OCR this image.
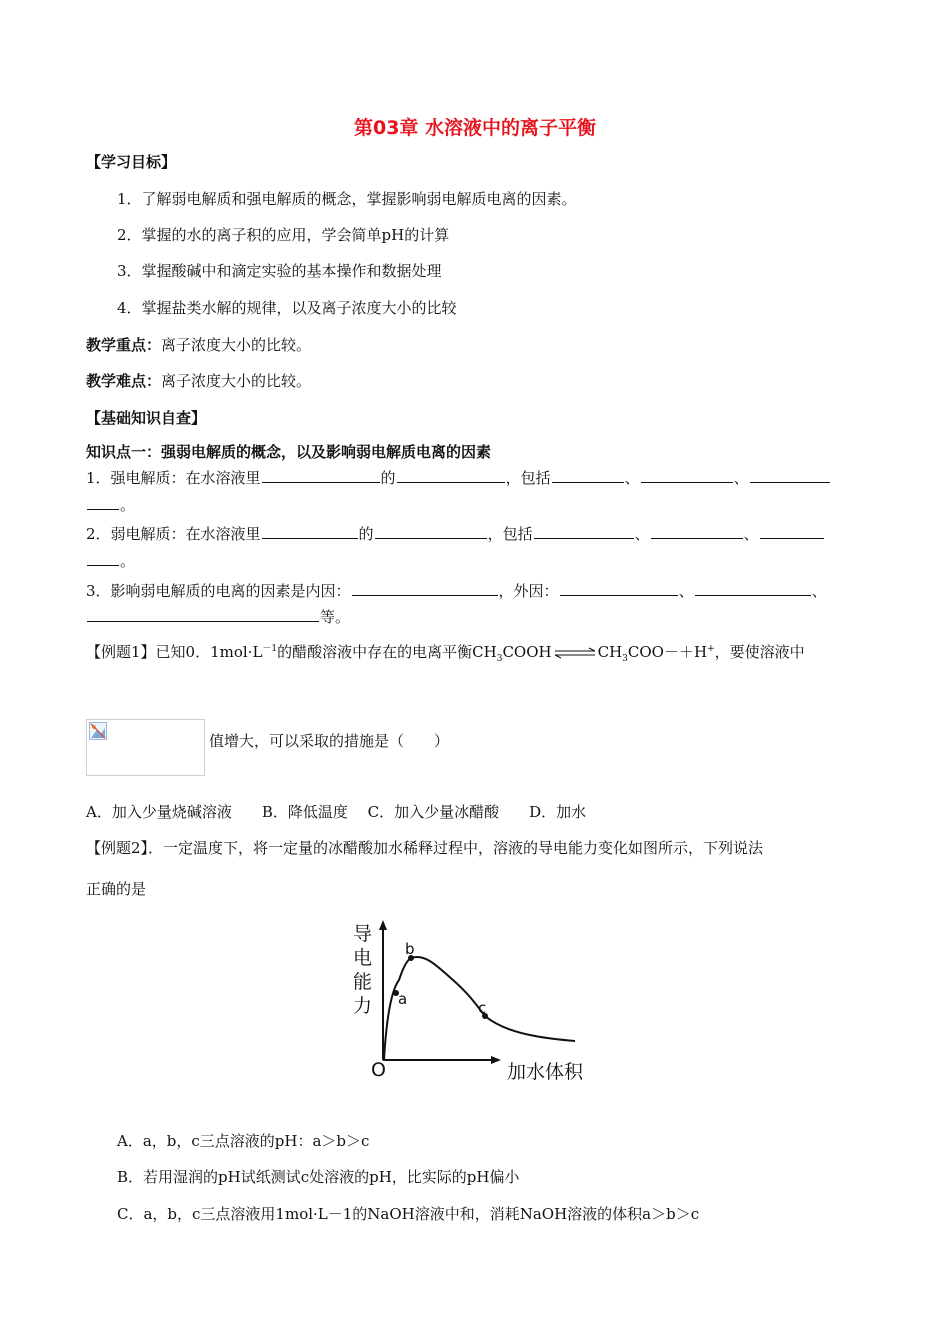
第03章 水溶液中的离子平衡
【学习目标】
1．了解弱电解质和强电解质的概念，掌握影响弱电解质电离的因素。
2．掌握的水的离子积的应用，学会简单pH的计算
3．掌握酸碱中和滴定实验的基本操作和数据处理
4．掌握盐类水解的规律，以及离子浓度大小的比较
教学重点：离子浓度大小的比较。
教学难点：离子浓度大小的比较。
【基础知识自查】
知识点一：强弱电解质的概念，以及影响弱电解质电离的因素
1．强电解质：在水溶液里	的	，包括	、	、
。
2．弱电解质：在水溶液里	的	，包括	、	、
。
3．影响弱电解质的电离的因素是内因：	，外因：	、	、
等。
【例题1】已知0．$1mol\cdot L^{-1}$的醋酸溶液中存在的电离平衡$CH_3COOH\rightleftharpoons CH_3COO-+H^+$，要使溶液中
值增大，可以采取的措施是（　　）
A．加入少量烧碱溶液　　B．降低温度　 C．加入少量冰醋酸　　D．加水
【例题2】．一定温度下，将一定量的冰醋酸加水稀释过程中，溶液的导电能力变化如图所示，下列说法
正确的是
导
电
能
力
O	加水体积
a
b
c
A．a，b，c三点溶液的pH：a＞b＞c
B．若用湿润的pH试纸测试c处溶液的pH，比实际的pH偏小
C．a，b，c三点溶液用1mol·L－1的NaOH溶液中和，消耗NaOH溶液的体积a＞b＞c
